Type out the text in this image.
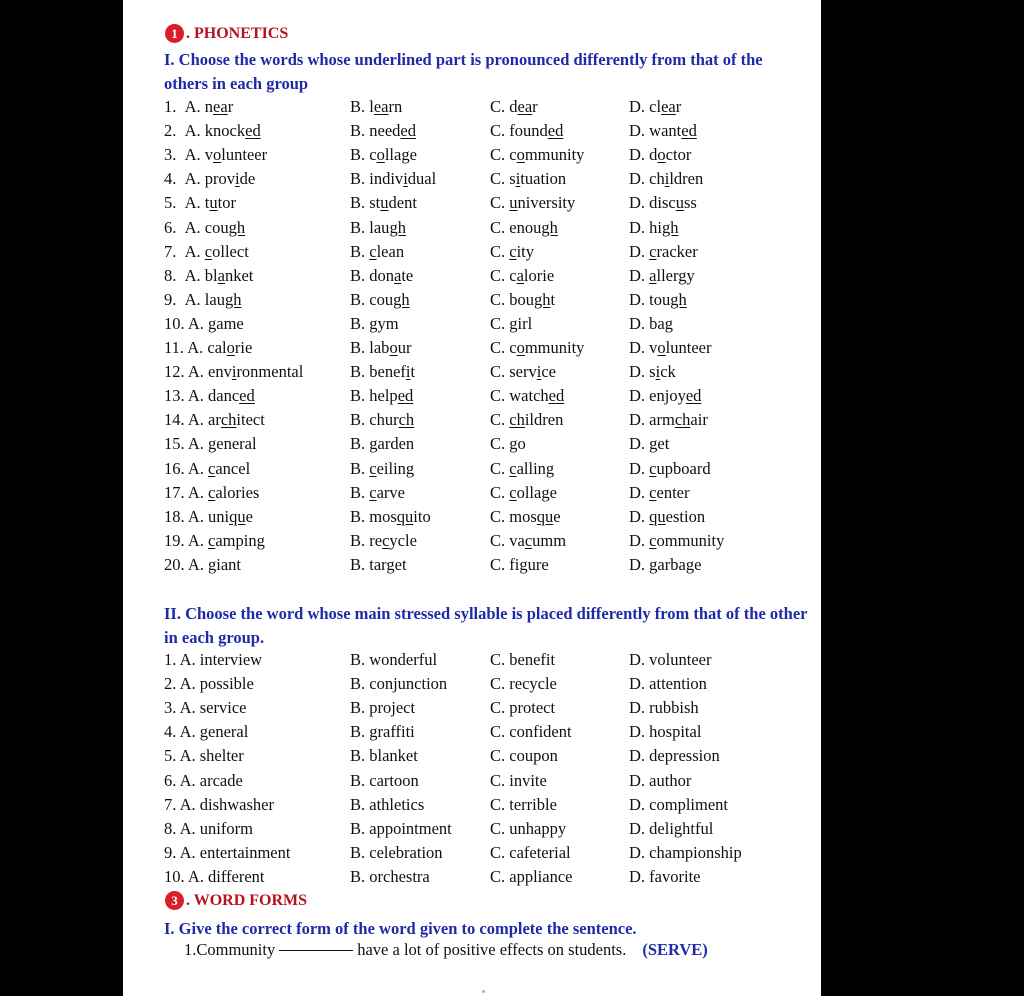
1 . PHONETICS
I. Choose the words whose underlined part is pronounced differently from that of the others in each group
1.  A. near	B. learn	C. dear	D. clear
2.  A. knocked	B. needed	C. founded	D. wanted
3.  A. volunteer	B. collage	C. community	D. doctor
4.  A. provide	B. individual	C. situation	D. children
5.  A. tutor	B. student	C. university	D. discuss
6.  A. cough	B. laugh	C. enough	D. high
7.  A. collect	B. clean	C. city	D. cracker
8.  A. blanket	B. donate	C. calorie	D. allergy
9.  A. laugh	B. cough	C. bought	D. tough
10. A. game	B. gym	C. girl	D. bag
11. A. calorie	B. labour	C. community	D. volunteer
12. A. environmental	B. benefit	C. service	D. sick
13. A. danced	B. helped	C. watched	D. enjoyed
14. A. architect	B. church	C. children	D. armchair
15. A. general	B. garden	C. go	D. get
16. A. cancel	B. ceiling	C. calling	D. cupboard
17. A. calories	B. carve	C. collage	D. center
18. A. unique	B. mosquito	C. mosque	D. question
19. A. camping	B. recycle	C. vacumm	D. community
20. A. giant	B. target	C. figure	D. garbage
II. Choose the word whose main stressed syllable is placed differently from that of the other in each group.
1. A. interview	B. wonderful	C. benefit	D. volunteer
2. A. possible	B. conjunction	C. recycle	D. attention
3. A. service	B. project	C. protect	D. rubbish
4. A. general	B. graffiti	C. confident	D. hospital
5. A. shelter	B. blanket	C. coupon	D. depression
6. A. arcade	B. cartoon	C. invite	D. author
7. A. dishwasher	B. athletics	C. terrible	D. compliment
8. A. uniform	B. appointment C. unhappy	D. delightful
9. A. entertainment	B. celebration	C. cafeterial	D. championship
10. A. different	B. orchestra	C. appliance	D. favorite
3 . WORD FORMS
I. Give the correct form of the word given to complete the sentence.
1.Community	have a lot of positive effects on students. (SERVE)
